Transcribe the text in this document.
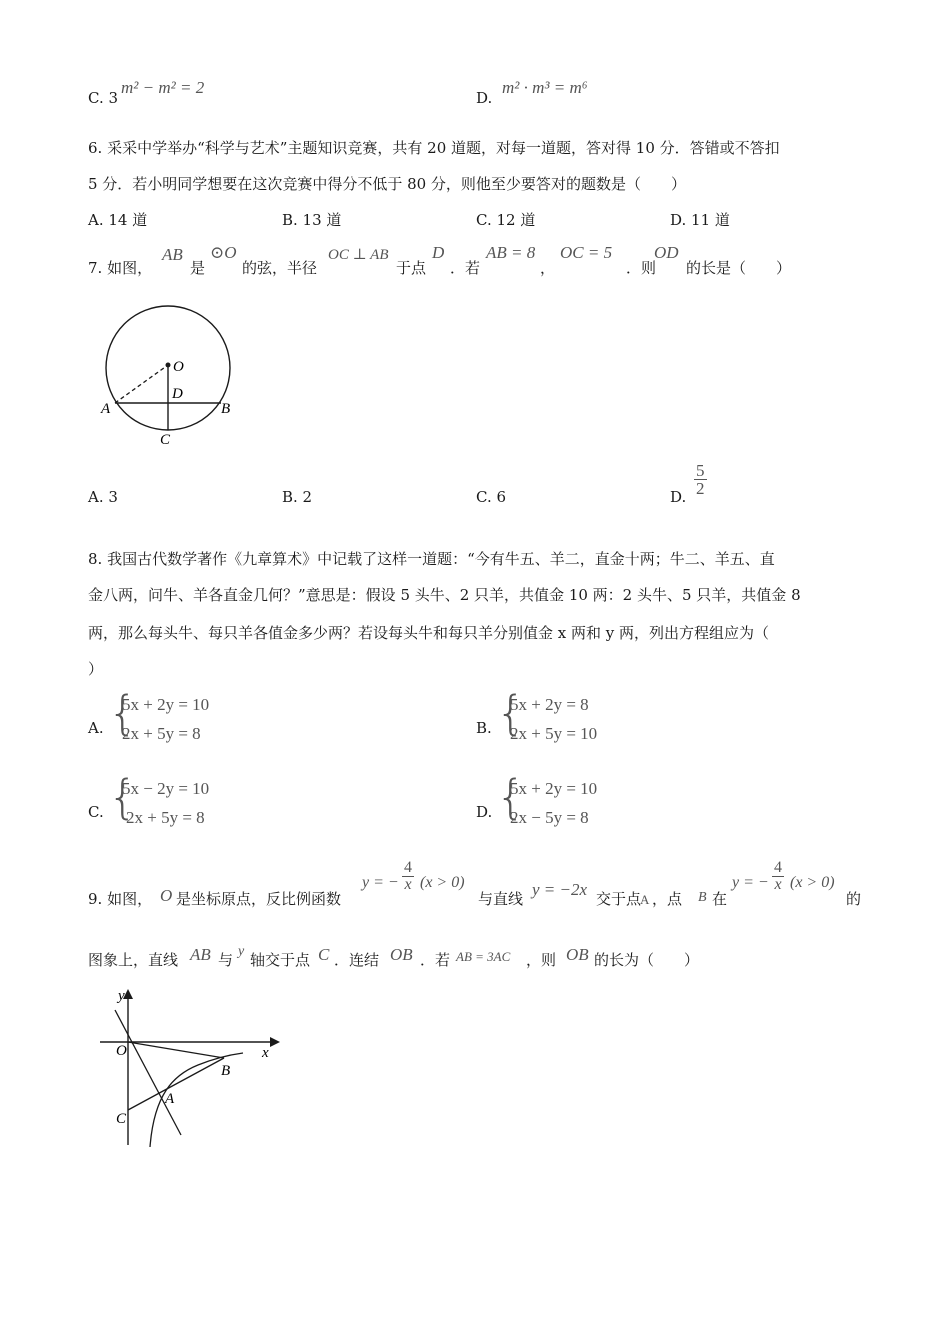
C. 3
m² − m² = 2
D.
m² · m³ = m⁶
6. 采采中学举办“科学与艺术”主题知识竞赛，共有 20 道题，对每一道题，答对得 10 分．答错或不答扣
5 分．若小明同学想要在这次竞赛中得分不低于 80 分，则他至少要答对的题数是（　　）
A. 14 道	B. 13 道	C. 12 道	D. 11 道
7. 如图，
AB
是
⊙O
的弦，半径
OC ⊥ AB
于点
D
．若
AB = 8
，
OC = 5
．则
OD
的长是（　　）
O
D
A	B
C
A. 3	B. 2	C. 6	D. $\frac{5}{2}$
8. 我国古代数学著作《九章算术》中记载了这样一道题：“今有牛五、羊二，直金十两；牛二、羊五、直
金八两，问牛、羊各直金几何？”意思是：假设 5 头牛、2 只羊，共值金 10 两：2 头牛、5 只羊，共值金 8
两，那么每头牛、每只羊各值金多少两？若设每头牛和每只羊分别值金 x 两和 y 两，列出方程组应为（
）
A. {
5x + 2y = 10
2x + 5y = 8	B. {
5x + 2y = 8
2x + 5y = 10
C. {
5x − 2y = 10
2x + 5y = 8	D. {
5x + 2y = 10
2x − 5y = 8
9. 如图， O 是坐标原点，反比例函数
y = − $\frac{4}{x} (x > 0)$
与直线 y = −2x 交于点
A ，点 B 在
y = − $\frac{4}{x} (x > 0)$
的
图象上，直线 AB 与 y 轴交于点 C ．连结 OB ．若 AB = 3AC ，则 OB 的长为（　　）
y
x
O
B
A
C
